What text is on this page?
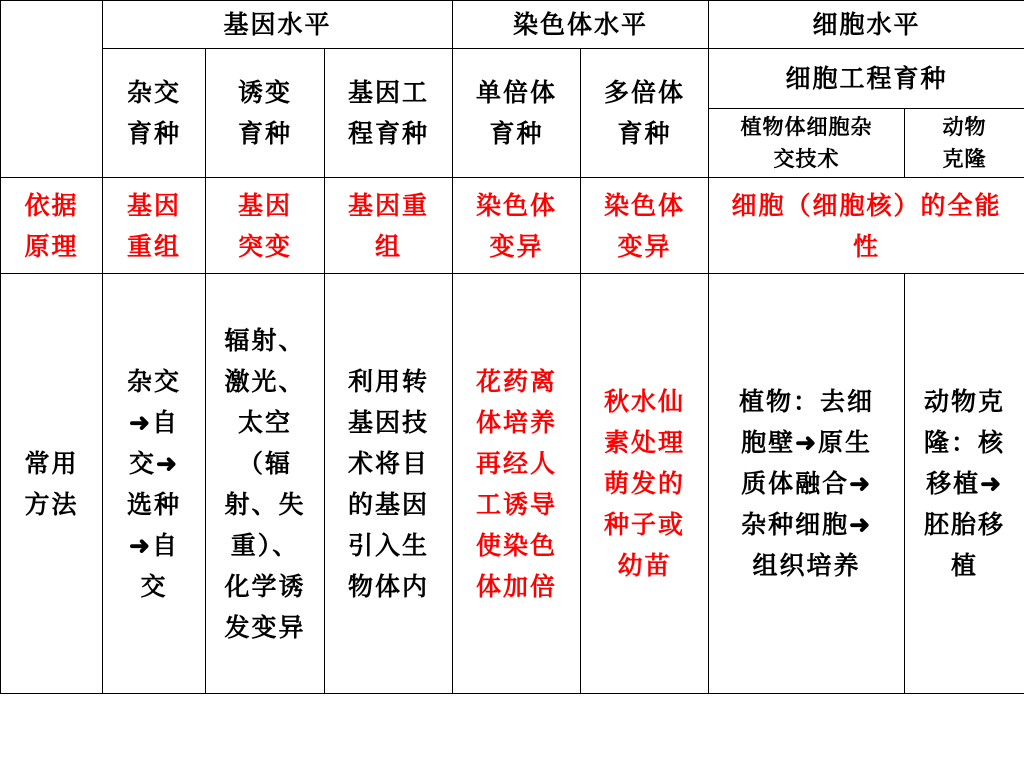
	基因水平			染色体水平		细胞水平	
	杂交育种	诱变育种	基因工程育种	单倍体育种	多倍体育种	细胞工程育种	
						植物体细胞杂交技术	动物克隆
依据原理	基因重组	基因突变	基因重组	染色体变异	染色体变异	细胞（细胞核）的全能性	
常用方法	杂交➜自交➜选种➜自交	辐射、激光、太空（辐射、失重）、化学诱发变异	利用转基因技术将目的基因引入生物体内	花药离体培养再经人工诱导使染色体加倍	秋水仙素处理萌发的种子或幼苗	植物：去细胞壁➜原生质体融合➜杂种细胞➜组织培养	动物克隆：核移植➜胚胎移植
